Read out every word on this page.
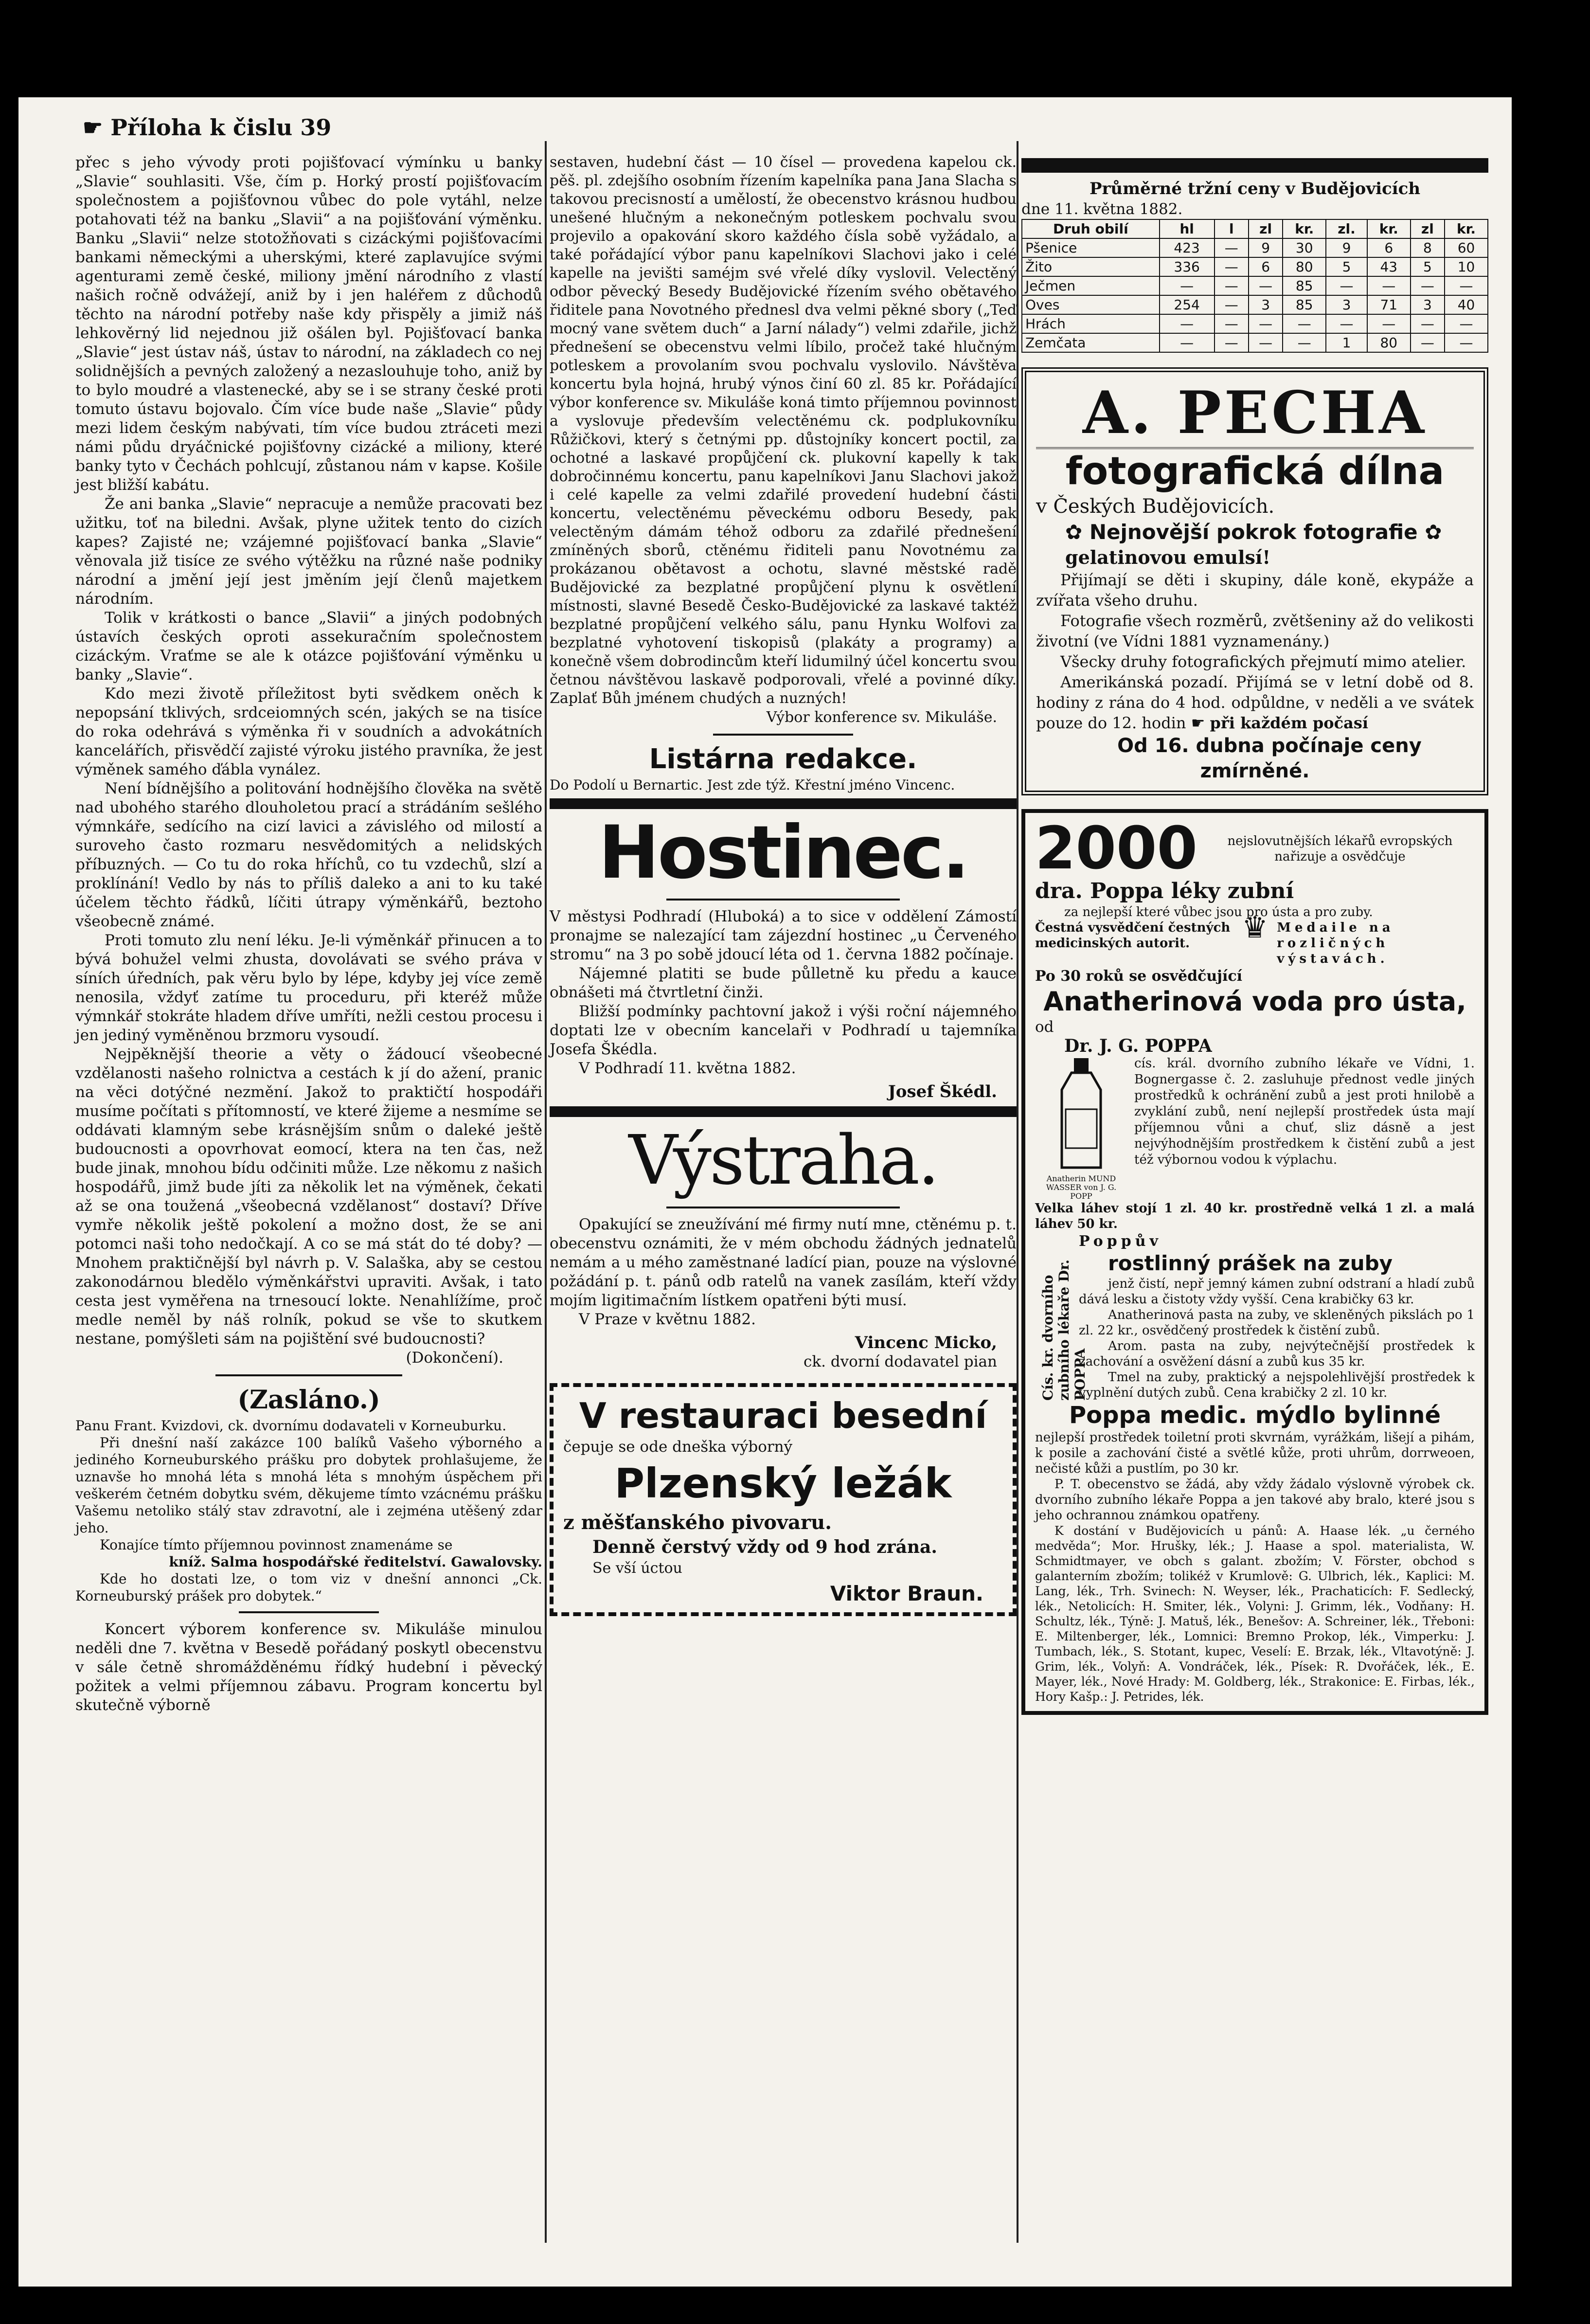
☛ Příloha k čislu 39

přec s jeho vývody proti pojišťovací výmínku u banky „Slavie“ souhlasiti. Vše, čím p. Horký prostí pojišťovacím společnostem a pojišťovnou vůbec do pole vytáhl, nelze potahovati též na banku „Slavii“ a na pojišťování výměnku. Banku „Slavii“ nelze stotožňovati s cizáckými pojišťovacími bankami německými a uherskými, které zaplavujíce svými agenturami země české, miliony jmění národního z vlastí našich ročně odvážejí, aniž by i jen haléřem z důchodů těchto na národní potřeby naše kdy přispěly a jimiž náš lehkověrný lid nejednou již ošálen byl. Pojišťovací banka „Slavie“ jest ústav náš, ústav to národní, na základech co nej solidnějších a pevných založený a nezaslouhuje toho, aniž by to bylo moudré a vlastenecké, aby se i se strany české proti tomuto ústavu bojovalo. Čím více bude naše „Slavie“ půdy mezi lidem českým nabývati, tím více budou ztráceti mezi námi půdu dryáčnické pojišťovny cizácké a miliony, které banky tyto v Čechách pohlcují, zůstanou nám v kapse. Košile jest bližší kabátu.

Že ani banka „Slavie“ nepracuje a nemůže pracovati bez užitku, toť na biledni. Avšak, plyne užitek tento do cizích kapes? Zajisté ne; vzájemné pojišťovací banka „Slavie“ věnovala již tisíce ze svého výtěžku na různé naše podniky národní a jmění její jest jměním její členů majetkem národním.

Tolik v krátkosti o bance „Slavii“ a jiných podobných ústavích českých oproti assekuračním společnostem cizáckým. Vraťme se ale k otázce pojišťování výměnku u banky „Slavie“.

Kdo mezi životě příležitost byti svědkem oněch k nepopsání tklivých, srdceiomných scén, jakých se na tisíce do roka odehrává s výměnka ři v soudních a advokátních kancelářích, přisvědčí zajisté výroku jistého pravníka, že jest výměnek samého ďábla vynález.

Není bídnějšího a politování hodnějšího člověka na světě nad ubohého starého dlouholetou prací a strádáním sešlého výmnkáře, sedícího na cizí lavici a závislého od milostí a suroveho často rozmaru nesvědomitých a nelidských příbuzných. — Co tu do roka hříchů, co tu vzdechů, slzí a proklínání! Vedlo by nás to příliš daleko a ani to ku také účelem těchto řádků, líčiti útrapy výměnkářů, beztoho všeobecně známé.

Proti tomuto zlu není léku. Je-li výměnkář přinucen a to bývá bohužel velmi zhusta, dovolávati se svého práva v síních úředních, pak věru bylo by lépe, kdyby jej více země nenosila, vždyť zatíme tu proceduru, při kteréž může výmnkář stokráte hladem dříve umříti, nežli cestou procesu i jen jediný vyměněnou brzmoru vysoudí.

Nejpěknější theorie a věty o žádoucí všeobecné vzdělanosti našeho rolnictva a cestách k jí do ažení, pranic na věci dotýčné nezmění. Jakož to praktičtí hospodáři musíme počítati s přítomností, ve které žijeme a nesmíme se oddávati klamným sebe krásnějším snům o daleké ještě budoucnosti a opovrhovat eomocí, ktera na ten čas, než bude jinak, mnohou bídu odčiniti může. Lze někomu z našich hospodářů, jimž bude jíti za několik let na výměnek, čekati až se ona toužená „všeobecná vzdělanost“ dostaví? Dříve vymře několik ještě pokolení a možno dost, že se ani potomci naši toho nedočkají. A co se má stát do té doby? — Mnohem praktičnější byl návrh p. V. Salaška, aby se cestou zakonodárnou bledělo výměnkářstvi upraviti. Avšak, i tato cesta jest vyměřena na trnesoucí lokte. Nenahlížíme, proč medle neměl by náš rolník, pokud se vše to skutkem nestane, pomýšleti sám na pojištění své budoucnosti?

(Dokončení).

(Zasláno.)

Panu Frant. Kvizdovi, ck. dvornímu dodavateli v Korneuburku.

Při dnešní naší zakázce 100 balíků Vašeho výborného a jediného Korneuburského prášku pro dobytek prohlašujeme, že uznavše ho mnohá léta s mnohá léta s mnohým úspěchem při veškerém četném dobytku svém, děkujeme tímto vzácnému prášku Vašemu netoliko stálý stav zdravotní, ale i zejména utěšený zdar jeho.

Konajíce tímto příjemnou povinnost znamenáme se

kníž. Salma hospodářské ředitelství. Gawalovsky.

Kde ho dostati lze, o tom viz v dnešní annonci „Ck. Korneuburský prášek pro dobytek.“

Koncert výborem konference sv. Mikuláše minulou neděli dne 7. května v Besedě pořádaný poskytl obecenstvu v sále četně shromážděnému řídký hudební i pěvecký požitek a velmi příjemnou zábavu. Program koncertu byl skutečně výborně

sestaven, hudební část — 10 čísel — provedena kapelou ck. pěš. pl. zdejšího osobním řízením kapelníka pana Jana Slacha s takovou precisností a umělostí, že obecenstvo krásnou hudbou unešené hlučným a nekonečným potleskem pochvalu svou projevilo a opakování skoro každého čísla sobě vyžádalo, a také pořádající výbor panu kapelníkovi Slachovi jako i celé kapelle na jevišti saméjm své vřelé díky vyslovil. Velectěný odbor pěvecký Besedy Budějovické řízením svého obětavého řiditele pana Novotného přednesl dva velmi pěkné sbory („Teď mocný vane světem duch“ a Jarní nálady“) velmi zdařile, jichž přednešení se obecenstvu velmi líbilo, pročež také hlučným potleskem a provolaním svou pochvalu vyslovilo. Návštěva koncertu byla hojná, hrubý výnos činí 60 zl. 85 kr. Pořádající výbor konference sv. Mikuláše koná timto příjemnou povinnost a vyslovuje především velectěnému ck. podplukovníku Růžičkovi, který s četnými pp. důstojníky koncert poctil, za ochotné a laskavé propůjčení ck. plukovní kapelly k tak dobročinnému koncertu, panu kapelníkovi Janu Slachovi jakož i celé kapelle za velmi zdařilé provedení hudební části koncertu, velectěnému pěveckému odboru Besedy, pak velectěným dámám téhož odboru za zdařilé přednešení zmíněných sborů, ctěnému řiditeli panu Novotnému za prokázanou obětavost a ochotu, slavné městské radě Budějovické za bezplatné propůjčení plynu k osvětlení místnosti, slavné Besedě Česko-Budějovické za laskavé taktéž bezplatné propůjčení velkého sálu, panu Hynku Wolfovi za bezplatné vyhotovení tiskopisů (plakáty a programy) a konečně všem dobrodincům kteří lidumilný účel koncertu svou četnou návštěvou laskavě podporovali, vřelé a povinné díky. Zaplať Bůh jménem chudých a nuzných!

Výbor konference sv. Mikuláše.

Listárna redakce.

Do Podolí u Bernartic. Jest zde týž. Křestní jméno Vincenc.

Hostinec.

V městysi Podhradí (Hluboká) a to sice v oddělení Zámostí pronajme se nalezající tam zájezdní hostinec „u Červeného stromu“ na 3 po sobě jdoucí léta od 1. června 1882 počínaje.

Nájemné platiti se bude půlletně ku předu a kauce obnášeti má čtvrtletní činži.

Bližší podmínky pachtovní jakož i výši roční nájemného doptati lze v obecním kancelaři v Podhradí u tajemníka Josefa Škédla.

V Podhradí 11. května 1882.

Josef Škédl.

Výstraha.

Opakující se zneužívání mé firmy nutí mne, ctěnému p. t. obecenstvu oznámiti, že v mém obchodu žádných jednatelů nemám a u mého zaměstnané ladící pian, pouze na výslovné požádání p. t. pánů odb ratelů na vanek zasílám, kteří vždy mojím ligitimačním lístkem opatřeni býti musí.

V Praze v květnu 1882.

Vincenc Micko,

ck. dvorní dodavatel pian

V restauraci besední

čepuje se ode dneška výborný

Plzenský ležák

z měšťanského pivovaru.

Denně čerstvý vždy od 9 hod zrána.

Se vší úctou

Viktor Braun.

Průměrné tržní ceny v Budějovicích

dne 11. května 1882.

Druh obilí	hl	l	zl	kr.	zl.	kr.	zl	kr.
Pšenice	423	—	9	30	9	6	8	60
Žito	336	—	6	80	5	43	5	10
Ječmen	—	—	—	85	—	—	—	—
Oves	254	—	3	85	3	71	3	40
Hrách	—	—	—	—	—	—	—	—
Zemčata	—	—	—	—	1	80	—	—
A. PECHA
fotografická dílna

v Českých Budějovicích.

✿ Nejnovější pokrok fotografie ✿

gelatinovou emulsí!

Přijímají se děti i skupiny, dále koně, ekypáže a zvířata všeho druhu.

Fotografie všech rozměrů, zvětšeniny až do velikosti životní (ve Vídni 1881 vyznamenány.)

Všecky druhy fotografických přejmutí mimo atelier.

Amerikánská pozadí. Přijímá se v letní době od 8. hodiny z rána do 4 hod. odpůldne, v neděli a ve svátek pouze do 12. hodin ☛ při každém počasí

Od 16. dubna počínaje ceny zmírněné.

2000	nejslovutnějších lékařů evropských nařizuje a osvědčuje

dra. Poppa léky zubní

za nejlepší které vůbec jsou pro ústa a pro zuby.

Čestná vysvědčení čestných medicinských autorit.	♛ Medaile na rozličných výstavách.

Po 30 roků se osvědčující

Anatherinová voda pro ústa,

od

Dr. J. G. POPPA

Anatherin MUND WASSER von J. G. POPP

cís. král. dvorního zubního lékaře ve Vídni, 1. Bognergasse č. 2. zasluhuje přednost vedle jiných prostředků k ochránění zubů a jest proti hnilobě a zvyklání zubů, není nejlepší prostředek ústa mají příjemnou vůni a chuť, sliz dásně a jest nejvýhodnějším prostředkem k čistění zubů a jest též výbornou vodou k výplachu.

Velka láhev stojí 1 zl. 40 kr. prostředně velká 1 zl. a malá láhev 50 kr.

Cís. kr. dvorního zubního lékaře Dr. POPPA

Poppův

rostlinný prášek na zuby

jenž čistí, nepř jemný kámen zubní odstraní a hladí zubů dává lesku a čistoty vždy vyšší. Cena krabičky 63 kr.

Anatherinová pasta na zuby, ve skleněných pikslách po 1 zl. 22 kr., osvědčený prostředek k čistění zubů.

Arom. pasta na zuby, nejvýtečnější prostředek k zachování a osvěžení dásní a zubů kus 35 kr.

Tmel na zuby, praktický a nejspolehlivější prostředek k vyplnění dutých zubů. Cena krabičky 2 zl. 10 kr.

Poppa medic. mýdlo bylinné

nejlepší prostředek toiletní proti skvrnám, vyrážkám, lišejí a pihám, k posile a zachování čisté a světlé kůže, proti uhrům, dorrweoen, nečisté kůži a pustlím, po 30 kr.

P. T. obecenstvo se žádá, aby vždy žádalo výslovně výrobek ck. dvorního zubního lékaře Poppa a jen takové aby bralo, které jsou s jeho ochrannou známkou opatřeny.

K dostání v Budějovicích u pánů: A. Haase lék. „u černého medvěda“; Mor. Hrušky, lék.; J. Haase a spol. materialista, W. Schmidtmayer, ve obch s galant. zbožím; V. Förster, obchod s galanterním zbožím; tolikéž v Krumlově: G. Ulbrich, lék., Kaplici: M. Lang, lék., Trh. Svinech: N. Weyser, lék., Prachaticích: F. Sedlecký, lék., Netolicích: H. Smiter, lék., Volyni: J. Grimm, lék., Vodňany: H. Schultz, lék., Týně: J. Matuš, lék., Benešov: A. Schreiner, lék., Třeboni: E. Miltenberger, lék., Lomnici: Bremno Prokop, lék., Vimperku: J. Tumbach, lék., S. Stotant, kupec, Veselí: E. Brzak, lék., Vltavotýně: J. Grim, lék., Volyň: A. Vondráček, lék., Písek: R. Dvořáček, lék., E. Mayer, lék., Nové Hrady: M. Goldberg, lék., Strakonice: E. Firbas, lék., Hory Kašp.: J. Petrides, lék.
